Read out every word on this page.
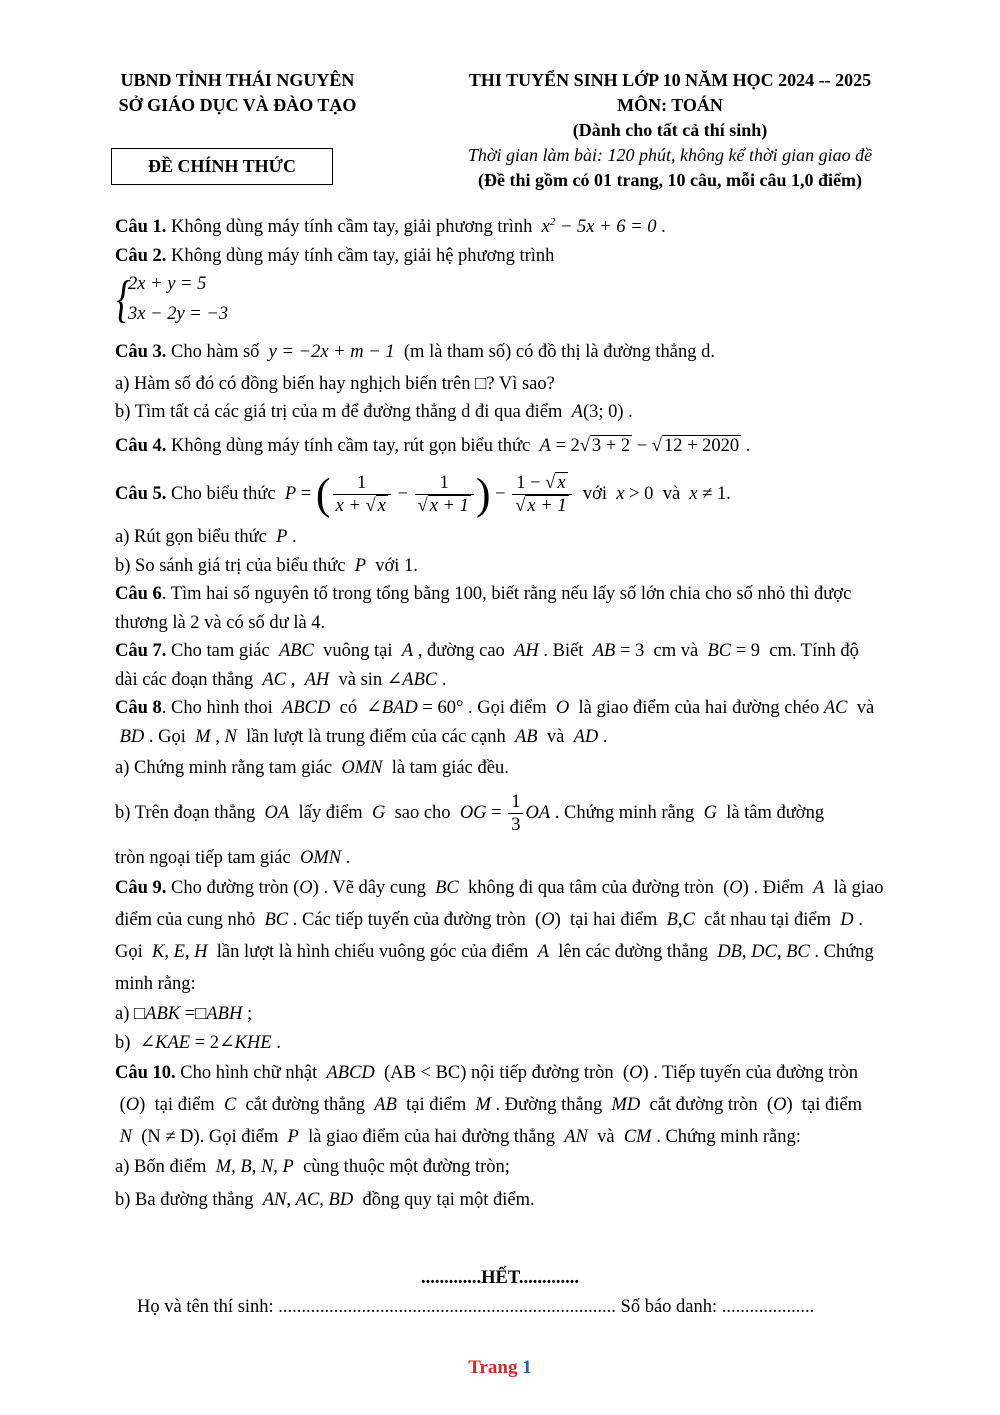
UBND TỈNH THÁI NGUYÊN
SỞ GIÁO DỤC VÀ ĐÀO TẠO
ĐỀ CHÍNH THỨC
THI TUYỂN SINH LỚP 10 NĂM HỌC 2024 -- 2025
MÔN: TOÁN
(Dành cho tất cả thí sinh)
Thời gian làm bài: 120 phút, không kể thời gian giao đề
(Đề thi gồm có 01 trang, 10 câu, mỗi câu 1,0 điểm)
Câu 1. Không dùng máy tính cầm tay, giải phương trình  $x^2 - 5x + 6 = 0$ .
Câu 2. Không dùng máy tính cầm tay, giải hệ phương trình
{
2x + y = 5
3x − 2y = −3
Câu 3. Cho hàm số  y = −2x + m − 1  (m là tham số) có đồ thị là đường thẳng d.
a) Hàm số đó có đồng biến hay nghịch biến trên □? Vì sao?
b) Tìm tất cả các giá trị của m để đường thẳng d đi qua điểm  A(3; 0) .
Câu 4. Không dùng máy tính cầm tay, rút gọn biểu thức  A = 2√ 3 + 2 − √ 12 + 2020 .
Câu 5. Cho biểu thức  P = ( $\frac{1}{x + √ x} - \frac{1}{√ x + 1}$ ) − $\frac{1 - √ x}{√ x + 1}$ với  x > 0  và  x ≠ 1.
a) Rút gọn biểu thức  P .
b) So sánh giá trị của biểu thức  P  với 1.
Câu 6. Tìm hai số nguyên tố trong tổng bằng 100, biết rằng nếu lấy số lớn chia cho số nhỏ thì được thương là 2 và có số dư là 4.
Câu 7. Cho tam giác  ABC  vuông tại  A , đường cao  AH . Biết  AB = 3  cm và  BC = 9  cm. Tính độ dài các đoạn thẳng  AC ,  AH  và sin ∠ABC .
Câu 8. Cho hình thoi  ABCD  có  ∠BAD = 60° . Gọi điểm  O  là giao điểm của hai đường chéo AC  và  BD . Gọi  M , N  lần lượt là trung điểm của các cạnh  AB  và  AD .
a) Chứng minh rằng tam giác  OMN  là tam giác đều.
b) Trên đoạn thẳng  OA  lấy điểm  G  sao cho  OG = $\frac{1}{3}$ OA . Chứng minh rằng  G  là tâm đường
tròn ngoại tiếp tam giác  OMN .
Câu 9. Cho đường tròn (O) . Vẽ dây cung  BC  không đi qua tâm của đường tròn  (O) . Điểm  A  là giao điểm của cung nhỏ  BC . Các tiếp tuyến của đường tròn  (O)  tại hai điểm  B,C  cắt nhau tại điểm  D . Gọi  K, E, H  lần lượt là hình chiếu vuông góc của điểm  A  lên các đường thẳng  DB, DC, BC . Chứng minh rằng:
a) □ABK =□ABH ;
b)  ∠KAE = 2∠KHE .
Câu 10. Cho hình chữ nhật  ABCD  (AB < BC) nội tiếp đường tròn  (O) . Tiếp tuyến của đường tròn  (O)  tại điểm  C  cắt đường thẳng  AB  tại điểm  M . Đường thẳng  MD  cắt đường tròn  (O)  tại điểm  N  (N ≠ D). Gọi điểm  P  là giao điểm của hai đường thẳng  AN  và  CM . Chứng minh rằng:
a) Bốn điểm  M, B, N, P  cùng thuộc một đường tròn;
b) Ba đường thẳng  AN, AC, BD  đồng quy tại một điểm.
.............HẾT.............
Họ và tên thí sinh: ......................................................................... Số báo danh: ....................
Trang 1
